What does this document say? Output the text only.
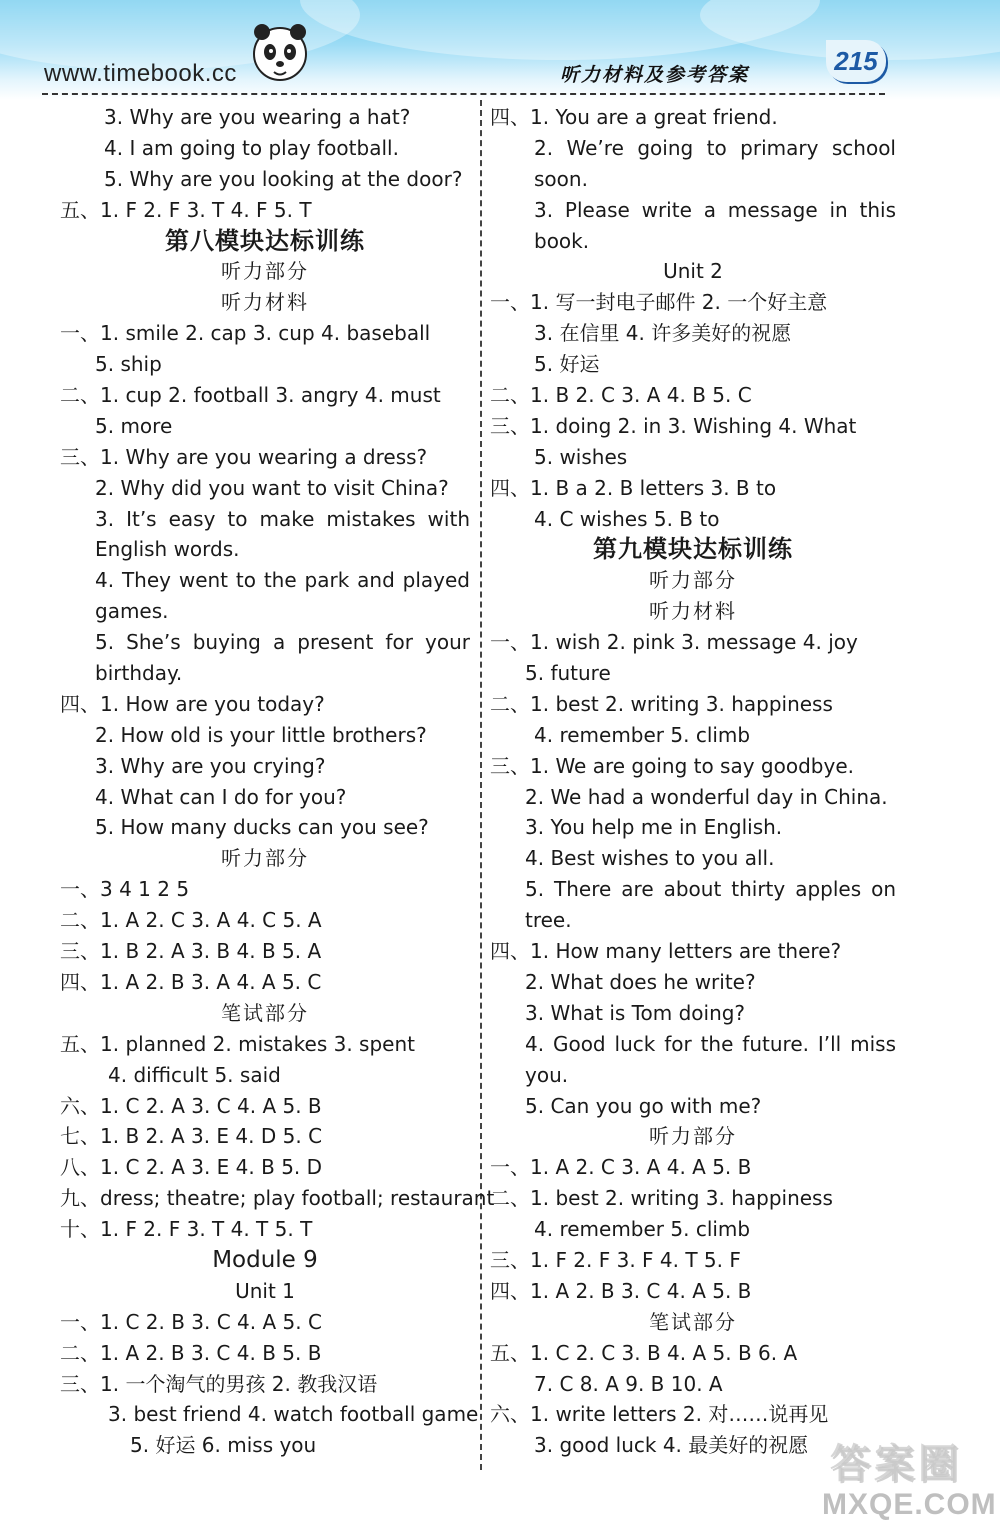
www.timebook.cc	听力材料及参考答案	215
3. Why are you wearing a hat?
4. I am going to play football.
5. Why are you looking at the door?
五、1. F 2. F 3. T 4. F 5. T
第八模块达标训练
听力部分
听力材料
一、1. smile 2. cap 3. cup 4. baseball
5. ship
二、1. cup 2. football 3. angry 4. must
5. more
三、1. Why are you wearing a dress?
2. Why did you want to visit China?
3. It’s easy to make mistakes with
English words.
4. They went to the park and played
games.
5. She’s buying a present for your
birthday.
四、1. How are you today?
2. How old is your little brothers?
3. Why are you crying?
4. What can I do for you?
5. How many ducks can you see?
听力部分
一、3 4 1 2 5
二、1. A 2. C 3. A 4. C 5. A
三、1. B 2. A 3. B 4. B 5. A
四、1. A 2. B 3. A 4. A 5. C
笔试部分
五、1. planned 2. mistakes 3. spent
4. difficult 5. said
六、1. C 2. A 3. C 4. A 5. B
七、1. B 2. A 3. E 4. D 5. C
八、1. C 2. A 3. E 4. B 5. D
九、dress; theatre; play football; restaurant
十、1. F 2. F 3. T 4. T 5. T
Module 9
Unit 1
一、1. C 2. B 3. C 4. A 5. C
二、1. A 2. B 3. C 4. B 5. B
三、1. 一个淘气的男孩 2. 教我汉语
3. best friend 4. watch football game
5. 好运 6. miss you
四、1. You are a great friend.
2. We’re going to primary school
soon.
3. Please write a message in this
book.
Unit 2
一、1. 写一封电子邮件 2. 一个好主意
3. 在信里 4. 许多美好的祝愿
5. 好运
二、1. B 2. C 3. A 4. B 5. C
三、1. doing 2. in 3. Wishing 4. What
5. wishes
四、1. B a 2. B letters 3. B to
4. C wishes 5. B to
第九模块达标训练
听力部分
听力材料
一、1. wish 2. pink 3. message 4. joy
5. future
二、1. best 2. writing 3. happiness
4. remember 5. climb
三、1. We are going to say goodbye.
2. We had a wonderful day in China.
3. You help me in English.
4. Best wishes to you all.
5. There are about thirty apples on
tree.
四、1. How many letters are there?
2. What does he write?
3. What is Tom doing?
4. Good luck for the future. I’ll miss
you.
5. Can you go with me?
听力部分
一、1. A 2. C 3. A 4. A 5. B
二、1. best 2. writing 3. happiness
4. remember 5. climb
三、1. F 2. F 3. F 4. T 5. F
四、1. A 2. B 3. C 4. A 5. B
笔试部分
五、1. C 2. C 3. B 4. A 5. B 6. A
7. C 8. A 9. B 10. A
六、1. write letters 2. 对……说再见
3. good luck 4. 最美好的祝愿 答案圈
MXQE.COM
